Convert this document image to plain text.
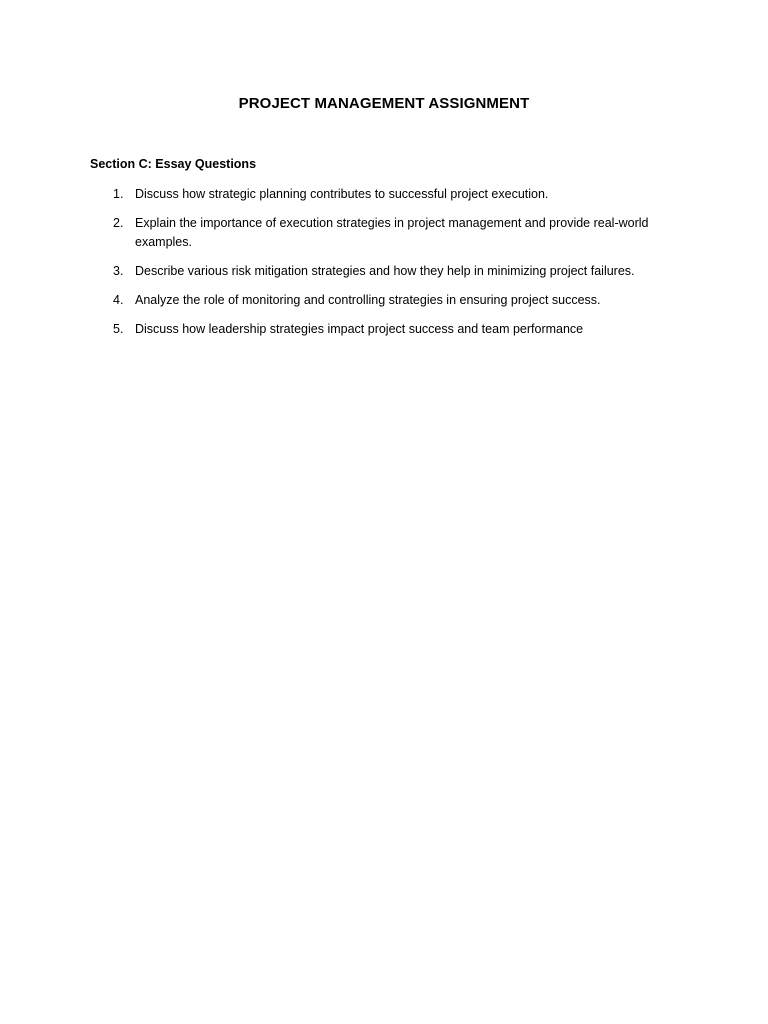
PROJECT MANAGEMENT ASSIGNMENT
Section C: Essay Questions
1. Discuss how strategic planning contributes to successful project execution.
2. Explain the importance of execution strategies in project management and provide real-world examples.
3. Describe various risk mitigation strategies and how they help in minimizing project failures.
4. Analyze the role of monitoring and controlling strategies in ensuring project success.
5. Discuss how leadership strategies impact project success and team performance
